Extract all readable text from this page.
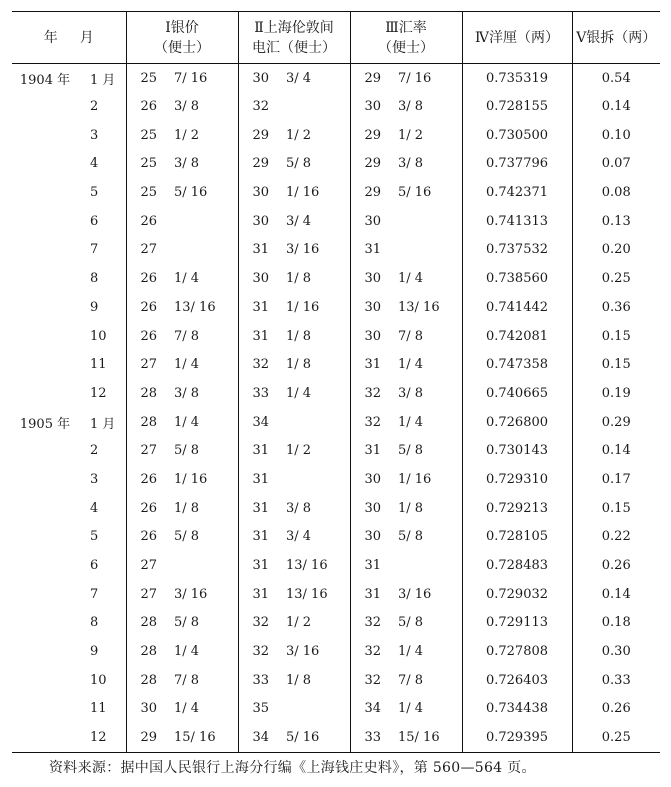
年 月		Ⅰ银价
（便士）		Ⅱ上海伦敦间
电汇（便士）		Ⅲ汇率
（便士）		Ⅳ洋厘（两）	Ⅴ银拆（两）
1904 年	1 月	25	7/ 16	30	3/ 4	29	7/ 16	0.735319	0.54
	2	26	3/ 8	32		30	3/ 8	0.728155	0.14
	3	25	1/ 2	29	1/ 2	29	1/ 2	0.730500	0.10
	4	25	3/ 8	29	5/ 8	29	3/ 8	0.737796	0.07
	5	25	5/ 16	30	1/ 16	29	5/ 16	0.742371	0.08
	6	26		30	3/ 4	30		0.741313	0.13
	7	27		31	3/ 16	31		0.737532	0.20
	8	26	1/ 4	30	1/ 8	30	1/ 4	0.738560	0.25
	9	26	13/ 16	31	1/ 16	30	13/ 16	0.741442	0.36
	10	26	7/ 8	31	1/ 8	30	7/ 8	0.742081	0.15
	11	27	1/ 4	32	1/ 8	31	1/ 4	0.747358	0.15
	12	28	3/ 8	33	1/ 4	32	3/ 8	0.740665	0.19
1905 年	1 月	28	1/ 4	34		32	1/ 4	0.726800	0.29
	2	27	5/ 8	31	1/ 2	31	5/ 8	0.730143	0.14
	3	26	1/ 16	31		30	1/ 16	0.729310	0.17
	4	26	1/ 8	31	3/ 8	30	1/ 8	0.729213	0.15
	5	26	5/ 8	31	3/ 4	30	5/ 8	0.728105	0.22
	6	27		31	13/ 16	31		0.728483	0.26
	7	27	3/ 16	31	13/ 16	31	3/ 16	0.729032	0.14
	8	28	5/ 8	32	1/ 2	32	5/ 8	0.729113	0.18
	9	28	1/ 4	32	3/ 16	32	1/ 4	0.727808	0.30
	10	28	7/ 8	33	1/ 8	32	7/ 8	0.726403	0.33
	11	30	1/ 4	35		34	1/ 4	0.734438	0.26
	12	29	15/ 16	34	5/ 16	33	15/ 16	0.729395	0.25
资料来源：据中国人民银行上海分行编《上海钱庄史料》，第 560—564 页。
